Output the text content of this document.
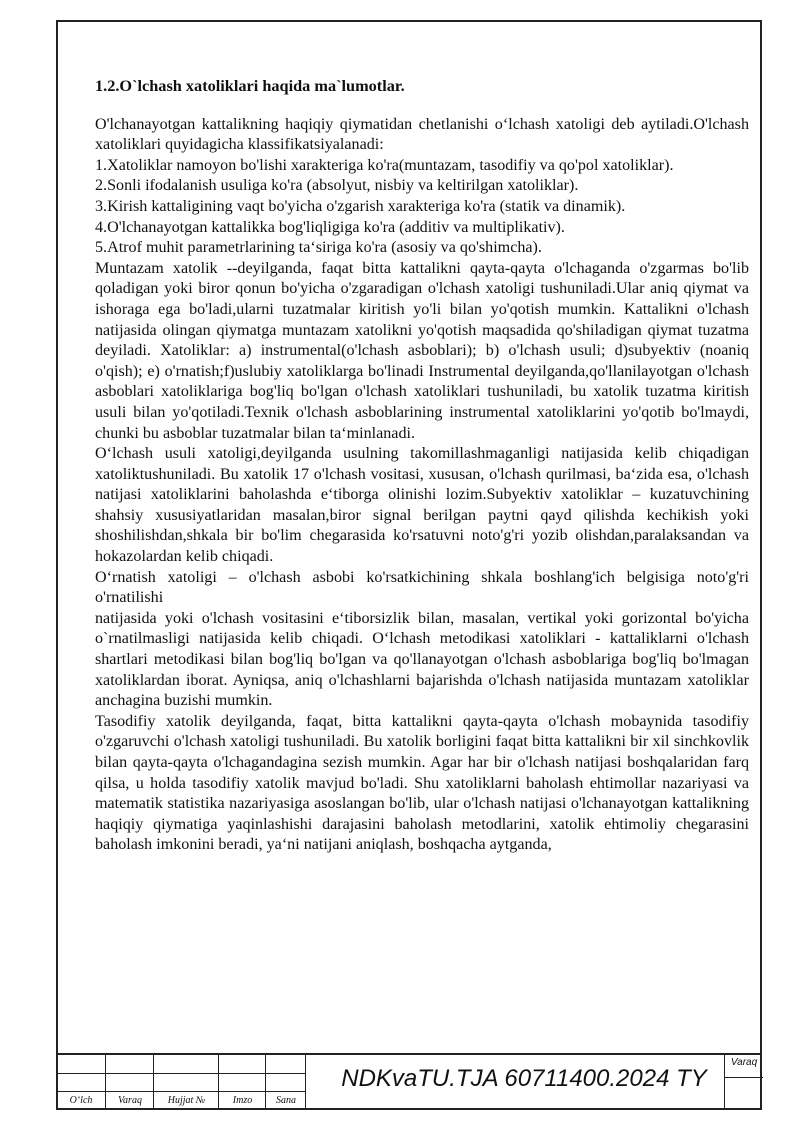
1.2.O`lchash xatoliklari haqida ma`lumotlar.

O'lchanayotgan kattalikning haqiqiy qiymatidan chetlanishi o‘lchash xatoligi deb aytiladi.O'lchash xatoliklari quyidagicha klassifikatsiyalanadi:

1.Xatoliklar namoyon bo'lishi xarakteriga ko'ra(muntazam, tasodifiy va qo'pol xatoliklar).

2.Sonli ifodalanish usuliga ko'ra (absolyut, nisbiy va keltirilgan xatoliklar).

3.Kirish kattaligining vaqt bo'yicha o'zgarish xarakteriga ko'ra (statik va dinamik).

4.O'lchanayotgan kattalikka bog'liqligiga ko'ra (additiv va multiplikativ).

5.Atrof muhit parametrlarining ta‘siriga ko'ra (asosiy va qo'shimcha).

Muntazam xatolik --deyilganda, faqat bitta kattalikni qayta-qayta o'lchaganda o'zgarmas bo'lib qoladigan yoki biror qonun bo'yicha o'zgaradigan o'lchash xatoligi tushuniladi.Ular aniq qiymat va ishoraga ega bo'ladi,ularni tuzatmalar kiritish yo'li bilan yo'qotish mumkin. Kattalikni o'lchash natijasida olingan qiymatga muntazam xatolikni yo'qotish maqsadida qo'shiladigan qiymat tuzatma deyiladi. Xatoliklar: a) instrumental(o'lchash asboblari); b) o'lchash usuli; d)subyektiv (noaniq o'qish); e) o'rnatish;f)uslubiy xatoliklarga bo'linadi Instrumental deyilganda,qo'llanilayotgan o'lchash asboblari xatoliklariga bog'liq bo'lgan o'lchash xatoliklari tushuniladi, bu xatolik tuzatma kiritish usuli bilan yo'qotiladi.Texnik o'lchash asboblarining instrumental xatoliklarini yo'qotib bo'lmaydi, chunki bu asboblar tuzatmalar bilan ta‘minlanadi.

O‘lchash usuli xatoligi,deyilganda usulning takomillashmaganligi natijasida kelib chiqadigan xatoliktushuniladi. Bu xatolik 17 o'lchash vositasi, xususan, o'lchash qurilmasi, ba‘zida esa, o'lchash natijasi xatoliklarini baholashda e‘tiborga olinishi lozim.Subyektiv xatoliklar – kuzatuvchining shahsiy xususiyatlaridan masalan,biror signal berilgan paytni qayd qilishda kechikish yoki shoshilishdan,shkala bir bo'lim chegarasida ko'rsatuvni noto'g'ri yozib olishdan,paralaksandan va hokazolardan kelib chiqadi.

O‘rnatish xatoligi – o'lchash asbobi ko'rsatkichining shkala boshlang'ich belgisiga noto'g'ri o'rnatilishi

natijasida yoki o'lchash vositasini e‘tiborsizlik bilan, masalan, vertikal yoki gorizontal bo'yicha o`rnatilmasligi natijasida kelib chiqadi. O‘lchash metodikasi xatoliklari - kattaliklarni o'lchash shartlari metodikasi bilan bog'liq bo'lgan va qo'llanayotgan o'lchash asboblariga bog'liq bo'lmagan xatoliklardan iborat. Ayniqsa, aniq o'lchashlarni bajarishda o'lchash natijasida muntazam xatoliklar anchagina buzishi mumkin.

Tasodifiy xatolik deyilganda, faqat, bitta kattalikni qayta-qayta o'lchash mobaynida tasodifiy o'zgaruvchi o'lchash xatoligi tushuniladi. Bu xatolik borligini faqat bitta kattalikni bir xil sinchkovlik bilan qayta-qayta o'lchagandagina sezish mumkin. Agar har bir o'lchash natijasi boshqalaridan farq qilsa, u holda tasodifiy xatolik mavjud bo'ladi. Shu xatoliklarni baholash ehtimollar nazariyasi va matematik statistika nazariyasiga asoslangan bo'lib, ular o'lchash natijasi o'lchanayotgan kattalikning haqiqiy qiymatiga yaqinlashishi darajasini baholash metodlarini, xatolik ehtimoliy chegarasini baholash imkonini beradi, ya‘ni natijani aniqlash, boshqacha aytganda,

O‘lch	Varaq	Hujjat №	Imzo	Sana
NDKvaTU.TJA 60711400.2024 TY
Varaq
